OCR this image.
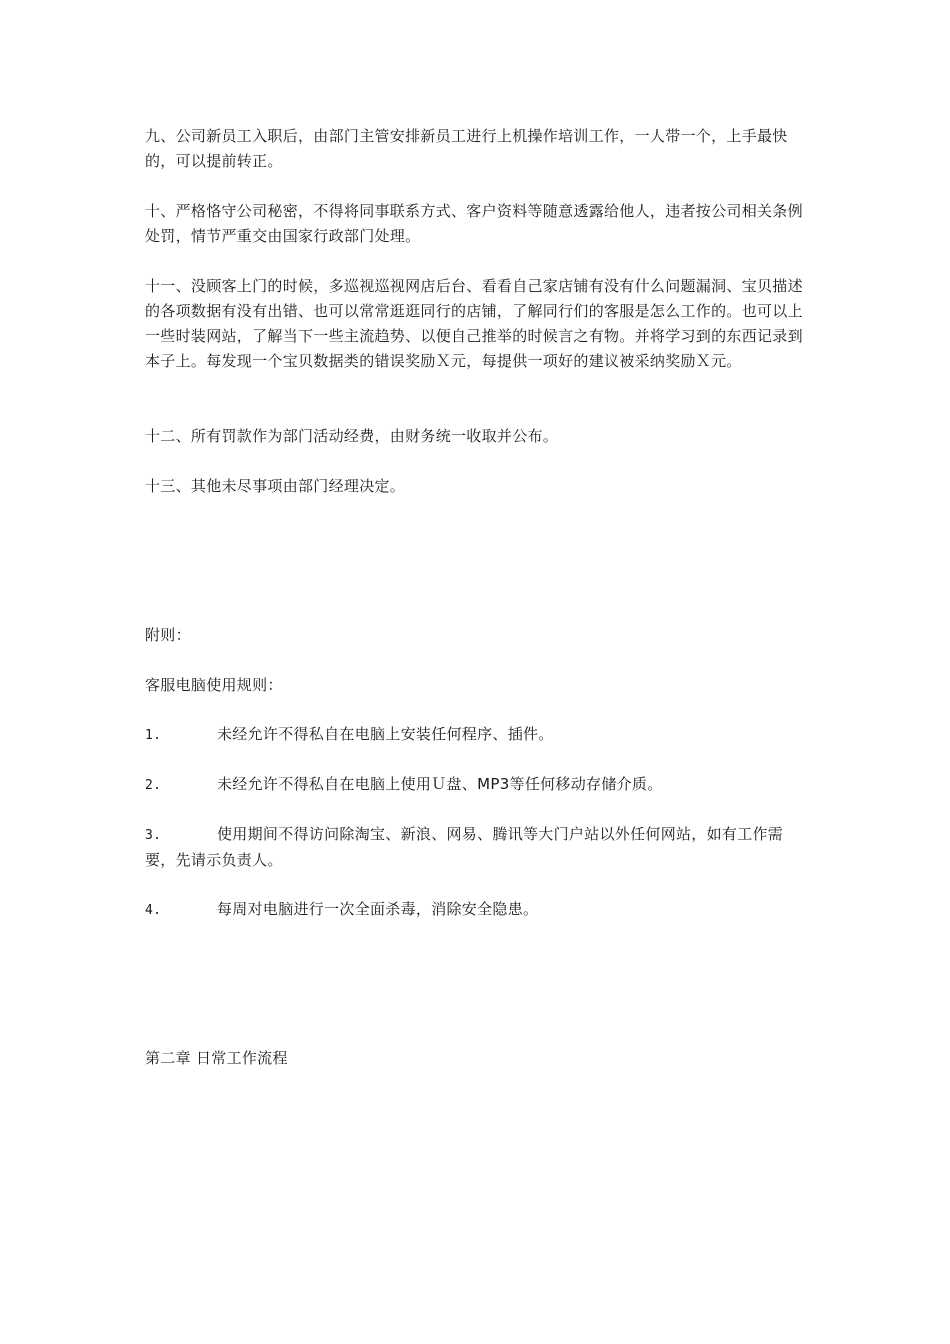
九、公司新员工入职后，由部门主管安排新员工进行上机操作培训工作，一人带一个，上手最快的，可以提前转正。

十、严格恪守公司秘密，不得将同事联系方式、客户资料等随意透露给他人，违者按公司相关条例处罚，情节严重交由国家行政部门处理。

十一、没顾客上门的时候，多巡视巡视网店后台、看看自己家店铺有没有什么问题漏洞、宝贝描述的各项数据有没有出错、也可以常常逛逛同行的店铺，了解同行们的客服是怎么工作的。也可以上一些时装网站，了解当下一些主流趋势、以便自己推举的时候言之有物。并将学习到的东西记录到本子上。每发现一个宝贝数据类的错误奖励Ｘ元，每提供一项好的建议被采纳奖励Ｘ元。

十二、所有罚款作为部门活动经费，由财务统一收取并公布。

十三、其他未尽事项由部门经理决定。

附则：

客服电脑使用规则：

1.	未经允许不得私自在电脑上安装任何程序、插件。
2.	未经允许不得私自在电脑上使用Ｕ盘、MP3等任何移动存储介质。
3.	使用期间不得访问除淘宝、新浪、网易、腾讯等大门户站以外任何网站，如有工作需要，先请示负责人。
4.	每周对电脑进行一次全面杀毒，消除安全隐患。

第二章 日常工作流程
